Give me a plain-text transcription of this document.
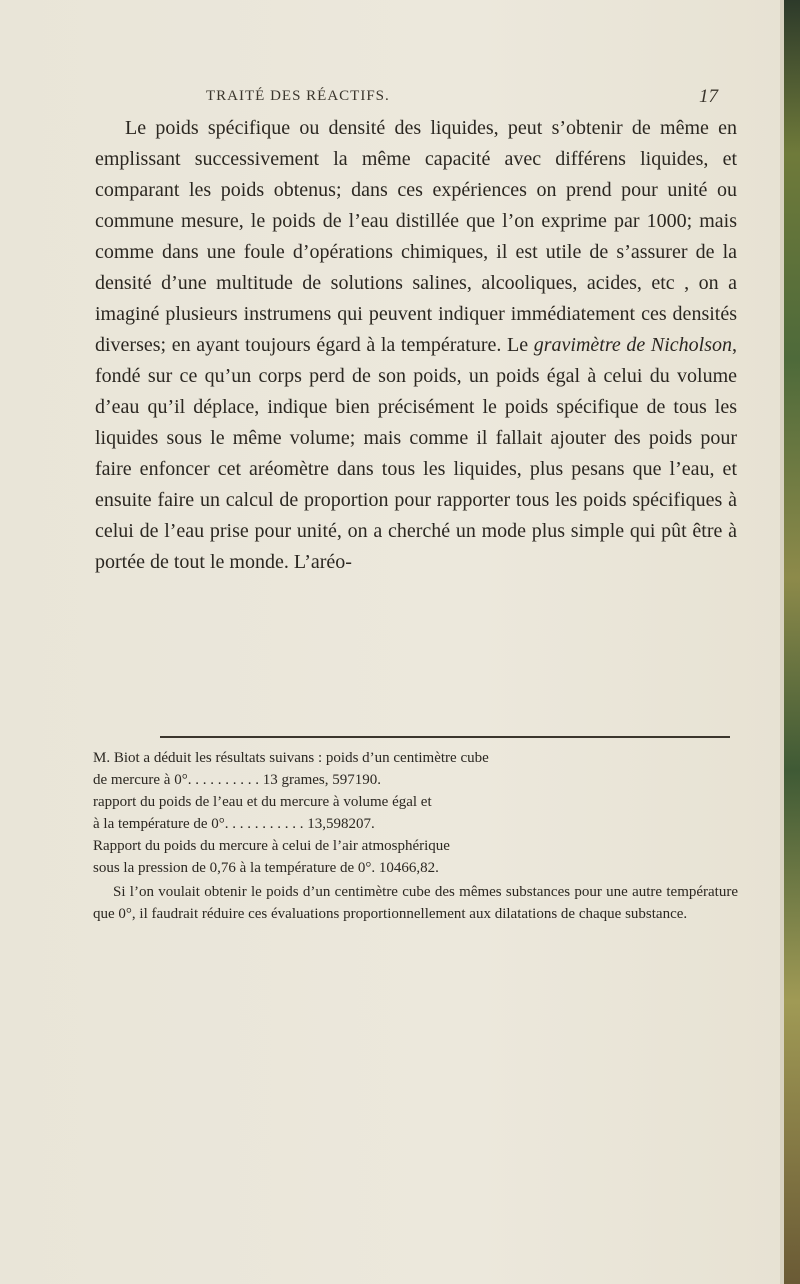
TRAITÉ DES RÉACTIFS.	17
Le poids spécifique ou densité des liquides, peut s’obtenir de même en emplissant successivement la même capacité avec différens liquides, et comparant les poids obtenus; dans ces expériences on prend pour unité ou commune mesure, le poids de l’eau distillée que l’on exprime par 1000; mais comme dans une foule d’opérations chimiques, il est utile de s’assurer de la densité d’une multitude de solutions salines, alcooliques, acides, etc , on a imaginé plusieurs instrumens qui peuvent indiquer immédiatement ces densités diverses; en ayant toujours égard à la température. Le gravimètre de Nicholson, fondé sur ce qu’un corps perd de son poids, un poids égal à celui du volume d’eau qu’il déplace, indique bien précisément le poids spécifique de tous les liquides sous le même volume; mais comme il fallait ajouter des poids pour faire enfoncer cet aréomètre dans tous les liquides, plus pesans que l’eau, et ensuite faire un calcul de proportion pour rapporter tous les poids spécifiques à celui de l’eau prise pour unité, on a cherché un mode plus simple qui pût être à portée de tout le monde. L’aréo-
M. Biot a déduit les résultats suivans : poids d’un centimètre cube
de mercure à 0°. . . . . . . . . . 13 grames, 597190.
rapport du poids de l’eau et du mercure à volume égal et
à la température de 0°. . . . . . . . . . . 13,598207.
Rapport du poids du mercure à celui de l’air atmosphérique
sous la pression de 0,76 à la température de 0°. 10466,82.
Si l’on voulait obtenir le poids d’un centimètre cube des mêmes substances pour une autre température que 0°, il faudrait réduire ces évaluations proportionnellement aux dilatations de chaque substance.
